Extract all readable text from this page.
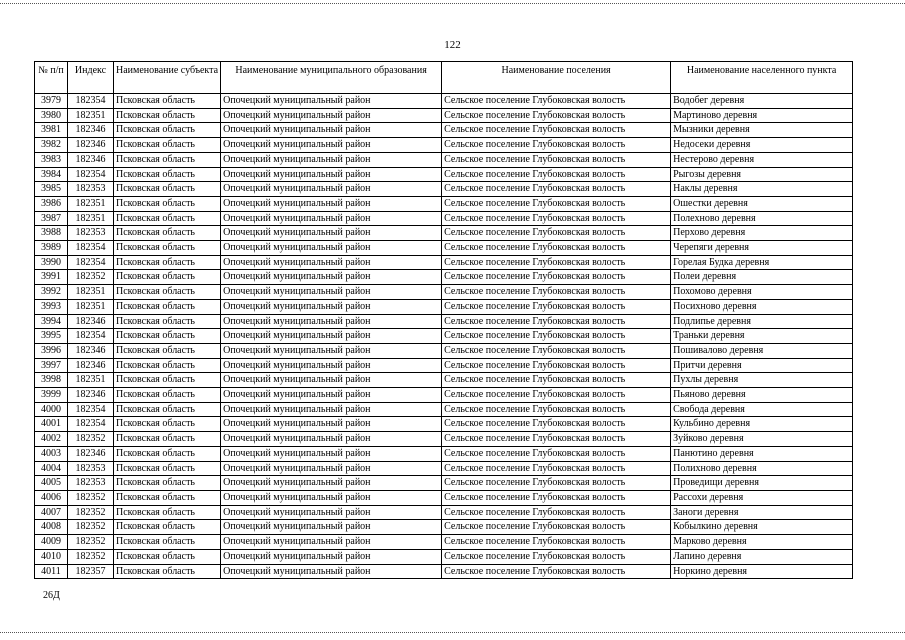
122
№ п/п	Индекс	Наименование субъекта	Наименование муниципального образования	Наименование поселения	Наименование населенного пункта
3979	182354	Псковская область	Опочецкий муниципальный район	Сельское поселение Глубоковская волость	Водобег деревня
3980	182351	Псковская область	Опочецкий муниципальный район	Сельское поселение Глубоковская волость	Мартиново деревня
3981	182346	Псковская область	Опочецкий муниципальный район	Сельское поселение Глубоковская волость	Мызники деревня
3982	182346	Псковская область	Опочецкий муниципальный район	Сельское поселение Глубоковская волость	Недосеки деревня
3983	182346	Псковская область	Опочецкий муниципальный район	Сельское поселение Глубоковская волость	Нестерово деревня
3984	182354	Псковская область	Опочецкий муниципальный район	Сельское поселение Глубоковская волость	Рыгозы деревня
3985	182353	Псковская область	Опочецкий муниципальный район	Сельское поселение Глубоковская волость	Наклы деревня
3986	182351	Псковская область	Опочецкий муниципальный район	Сельское поселение Глубоковская волость	Ошестки деревня
3987	182351	Псковская область	Опочецкий муниципальный район	Сельское поселение Глубоковская волость	Полехново деревня
3988	182353	Псковская область	Опочецкий муниципальный район	Сельское поселение Глубоковская волость	Перхово деревня
3989	182354	Псковская область	Опочецкий муниципальный район	Сельское поселение Глубоковская волость	Черепяги деревня
3990	182354	Псковская область	Опочецкий муниципальный район	Сельское поселение Глубоковская волость	Горелая Будка деревня
3991	182352	Псковская область	Опочецкий муниципальный район	Сельское поселение Глубоковская волость	Полеи деревня
3992	182351	Псковская область	Опочецкий муниципальный район	Сельское поселение Глубоковская волость	Похомово деревня
3993	182351	Псковская область	Опочецкий муниципальный район	Сельское поселение Глубоковская волость	Посихново деревня
3994	182346	Псковская область	Опочецкий муниципальный район	Сельское поселение Глубоковская волость	Подлипье деревня
3995	182354	Псковская область	Опочецкий муниципальный район	Сельское поселение Глубоковская волость	Траньки деревня
3996	182346	Псковская область	Опочецкий муниципальный район	Сельское поселение Глубоковская волость	Пошивалово деревня
3997	182346	Псковская область	Опочецкий муниципальный район	Сельское поселение Глубоковская волость	Притчи деревня
3998	182351	Псковская область	Опочецкий муниципальный район	Сельское поселение Глубоковская волость	Пухлы деревня
3999	182346	Псковская область	Опочецкий муниципальный район	Сельское поселение Глубоковская волость	Пьяново деревня
4000	182354	Псковская область	Опочецкий муниципальный район	Сельское поселение Глубоковская волость	Свобода деревня
4001	182354	Псковская область	Опочецкий муниципальный район	Сельское поселение Глубоковская волость	Кульбино деревня
4002	182352	Псковская область	Опочецкий муниципальный район	Сельское поселение Глубоковская волость	Зуйково деревня
4003	182346	Псковская область	Опочецкий муниципальный район	Сельское поселение Глубоковская волость	Панютино деревня
4004	182353	Псковская область	Опочецкий муниципальный район	Сельское поселение Глубоковская волость	Полихново деревня
4005	182353	Псковская область	Опочецкий муниципальный район	Сельское поселение Глубоковская волость	Проведищи деревня
4006	182352	Псковская область	Опочецкий муниципальный район	Сельское поселение Глубоковская волость	Рассохи деревня
4007	182352	Псковская область	Опочецкий муниципальный район	Сельское поселение Глубоковская волость	Заноги деревня
4008	182352	Псковская область	Опочецкий муниципальный район	Сельское поселение Глубоковская волость	Кобылкино деревня
4009	182352	Псковская область	Опочецкий муниципальный район	Сельское поселение Глубоковская волость	Марково деревня
4010	182352	Псковская область	Опочецкий муниципальный район	Сельское поселение Глубоковская волость	Лапино деревня
4011	182357	Псковская область	Опочецкий муниципальный район	Сельское поселение Глубоковская волость	Норкино деревня
26Д
